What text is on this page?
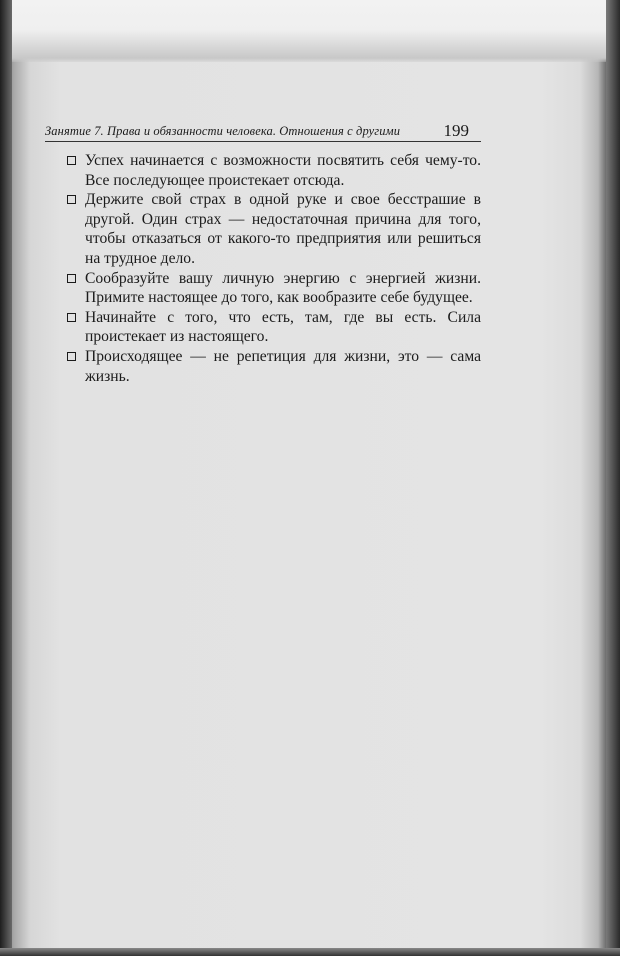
Занятие 7. Права и обязанности человека. Отношения с другими	199
Успех начинается с возможности посвятить себя чему-то. Все последующее проистекает отсюда.
Держите свой страх в одной руке и свое бесстрашие в другой. Один страх — недостаточная причина для того, чтобы отказаться от какого-то предприятия или решиться на трудное дело.
Сообразуйте вашу личную энергию с энергией жизни. Примите настоящее до того, как вообразите себе будущее.
Начинайте с того, что есть, там, где вы есть. Сила проистекает из настоящего.
Происходящее — не репетиция для жизни, это — сама жизнь.
